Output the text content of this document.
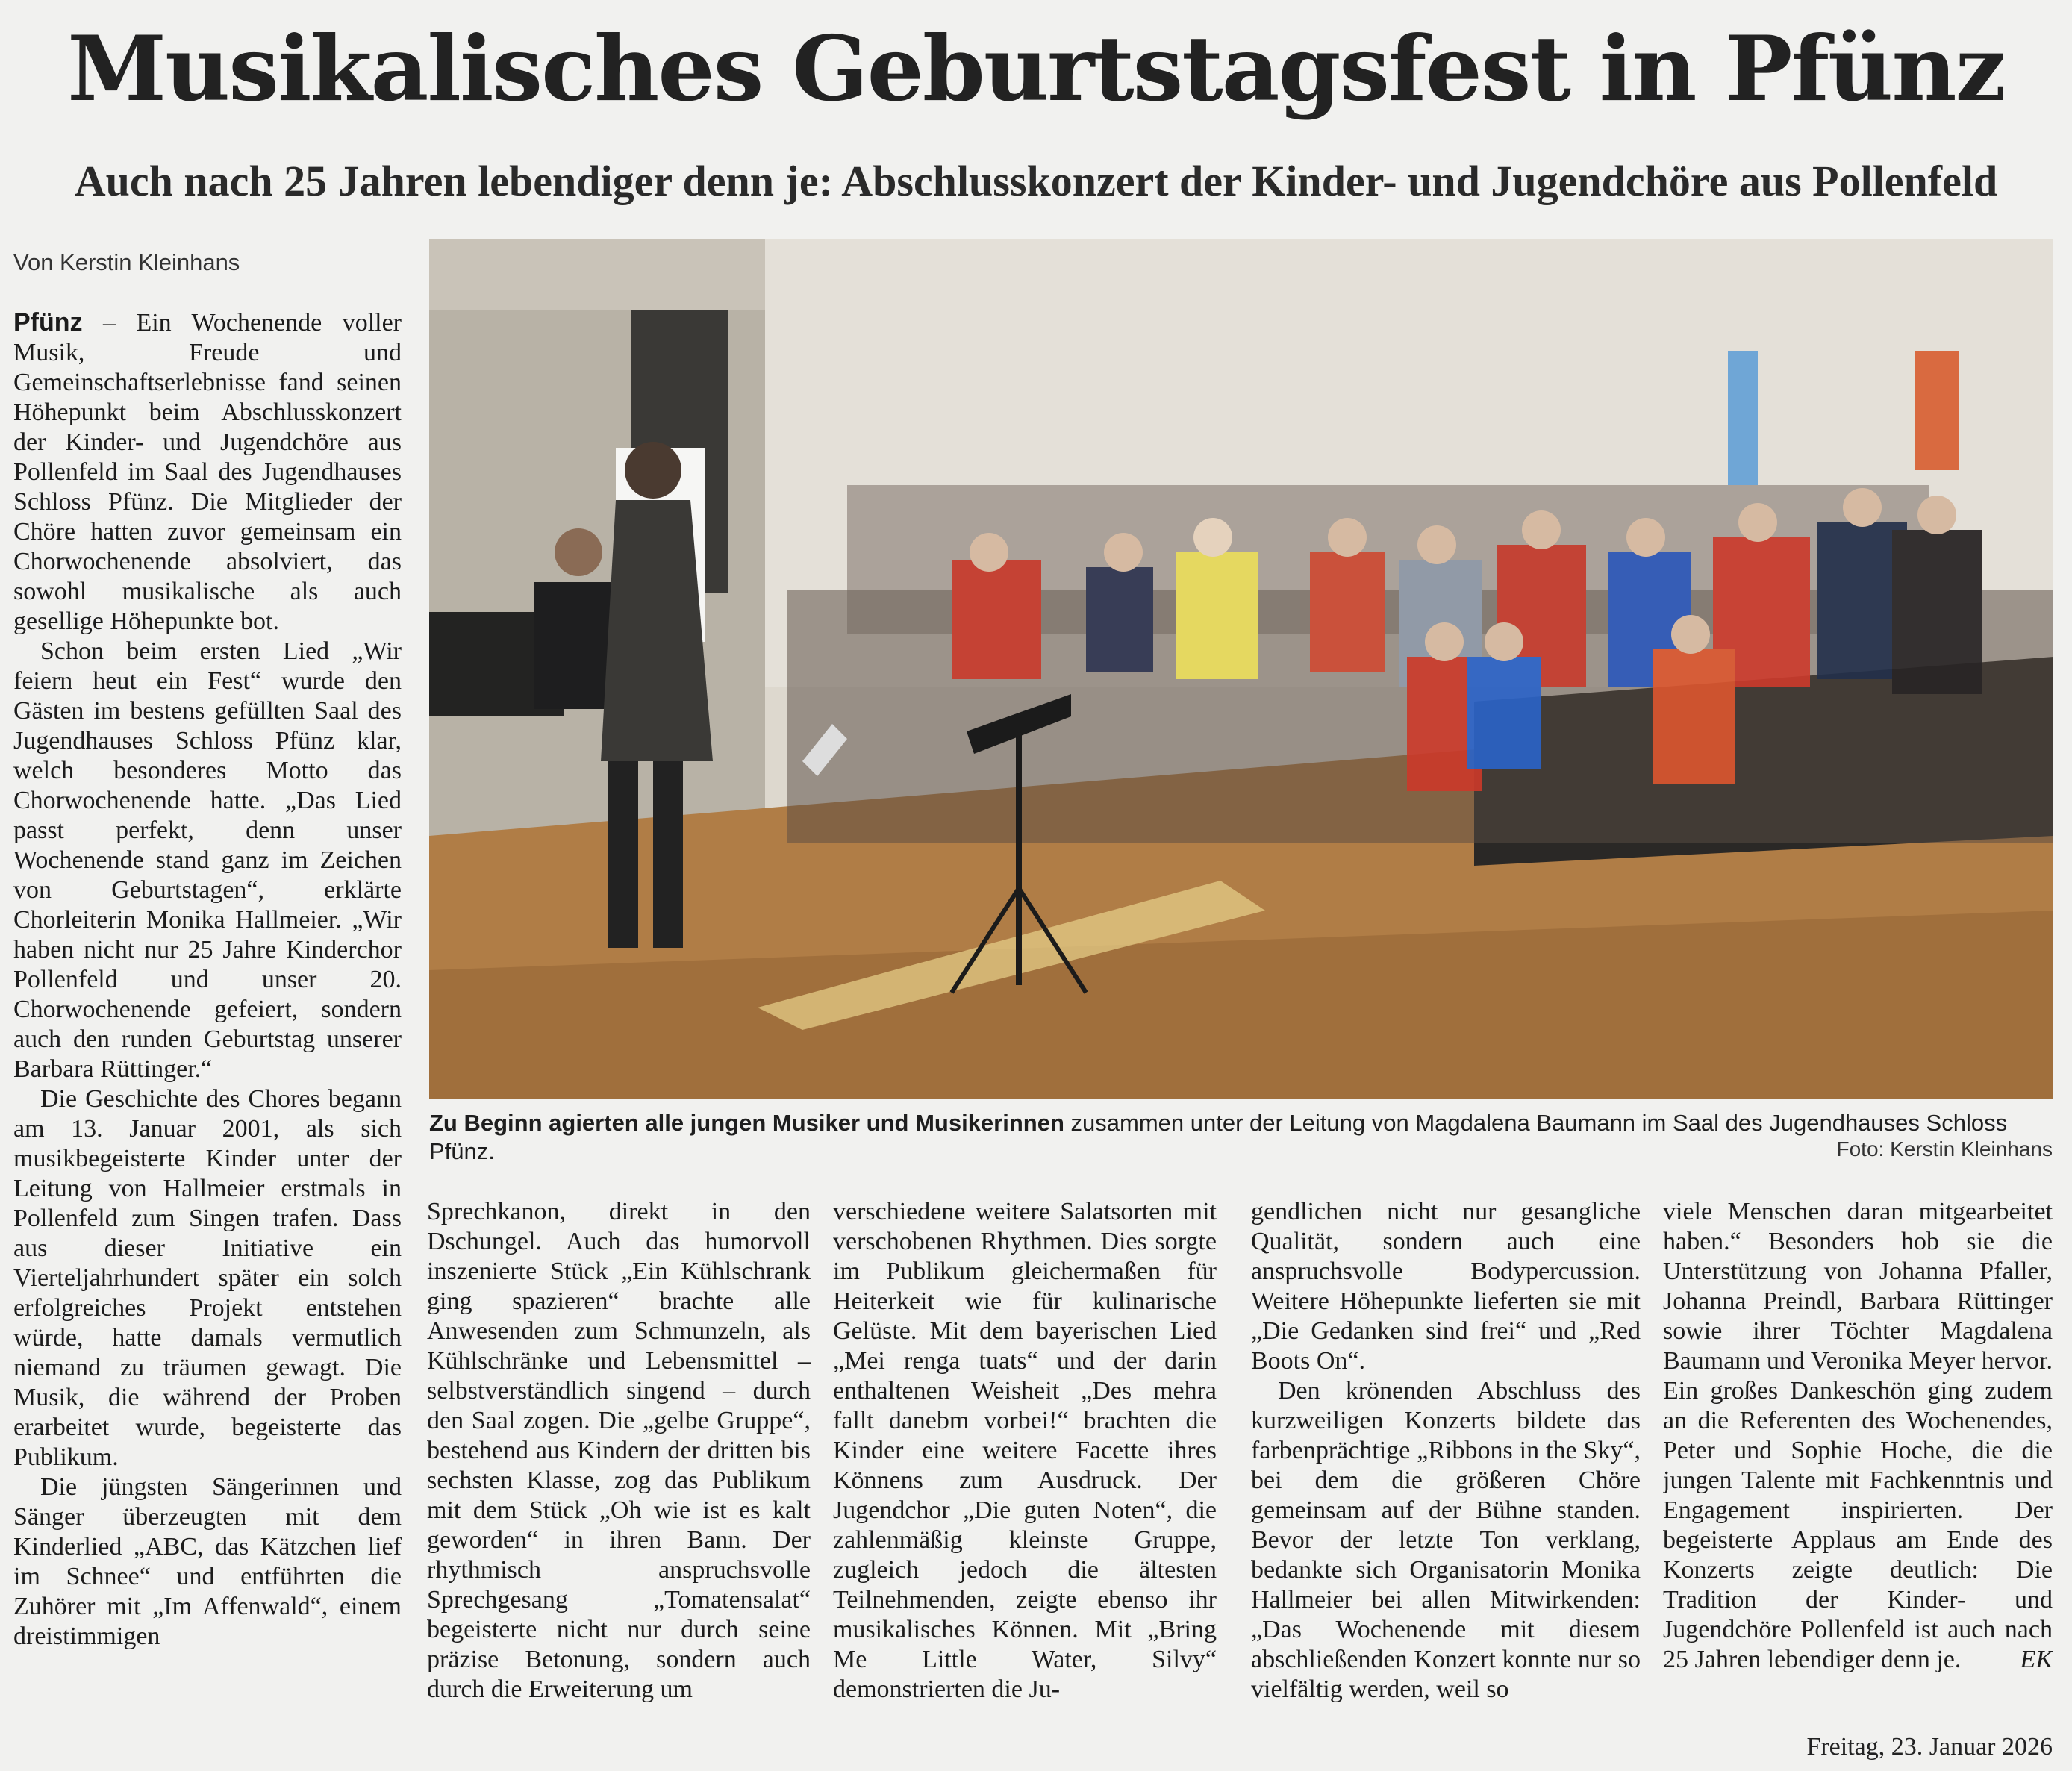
Musikalisches Geburtstagsfest in Pfünz
Auch nach 25 Jahren lebendiger denn je: Abschlusskonzert der Kinder- und Jugendchöre aus Pollenfeld
Von Kerstin Kleinhans

Pfünz – Ein Wochenende voller Musik, Freude und Gemeinschaftserlebnisse fand seinen Höhepunkt beim Abschlusskonzert der Kinder- und Jugendchöre aus Pollenfeld im Saal des Jugendhauses Schloss Pfünz. Die Mitglieder der Chöre hatten zuvor gemeinsam ein Chorwochenende absolviert, das sowohl musikalische als auch gesellige Höhepunkte bot.

Schon beim ersten Lied „Wir feiern heut ein Fest“ wurde den Gästen im bestens gefüllten Saal des Jugendhauses Schloss Pfünz klar, welch besonderes Motto das Chorwochenende hatte. „Das Lied passt perfekt, denn unser Wochenende stand ganz im Zeichen von Geburtstagen“, erklärte Chorleiterin Monika Hallmeier. „Wir haben nicht nur 25 Jahre Kinderchor Pollenfeld und unser 20. Chorwochenende gefeiert, sondern auch den runden Geburtstag unserer Barbara Rüttinger.“

Die Geschichte des Chores begann am 13. Januar 2001, als sich musikbegeisterte Kinder unter der Leitung von Hallmeier erstmals in Pollenfeld zum Singen trafen. Dass aus dieser Initiative ein Vierteljahrhundert später ein solch erfolgreiches Projekt entstehen würde, hatte damals vermutlich niemand zu träumen gewagt. Die Musik, die während der Proben erarbeitet wurde, begeisterte das Publikum.

Die jüngsten Sängerinnen und Sänger überzeugten mit dem Kinderlied „ABC, das Kätzchen lief im Schnee“ und entführten die Zuhörer mit „Im Affenwald“, einem dreistimmigen

Zu Beginn agierten alle jungen Musiker und Musikerinnen zusammen unter der Leitung von Magdalena Baumann im Saal des Jugendhauses Schloss Pfünz.	Foto: Kerstin Kleinhans

Sprechkanon, direkt in den Dschungel. Auch das humorvoll inszenierte Stück „Ein Kühlschrank ging spazieren“ brachte alle Anwesenden zum Schmunzeln, als Kühlschränke und Lebensmittel – selbstverständlich singend – durch den Saal zogen. Die „gelbe Gruppe“, bestehend aus Kindern der dritten bis sechsten Klasse, zog das Publikum mit dem Stück „Oh wie ist es kalt geworden“ in ihren Bann. Der rhythmisch anspruchsvolle Sprechgesang „Tomatensalat“ begeisterte nicht nur durch seine präzise Betonung, sondern auch durch die Erweiterung um

verschiedene weitere Salatsorten mit verschobenen Rhythmen. Dies sorgte im Publikum gleichermaßen für Heiterkeit wie für kulinarische Gelüste. Mit dem bayerischen Lied „Mei renga tuats“ und der darin enthaltenen Weisheit „Des mehra fallt danebm vorbei!“ brachten die Kinder eine weitere Facette ihres Könnens zum Ausdruck. Der Jugendchor „Die guten Noten“, die zahlenmäßig kleinste Gruppe, zugleich jedoch die ältesten Teilnehmenden, zeigte ebenso ihr musikalisches Können. Mit „Bring Me Little Water, Silvy“ demonstrierten die Ju-

gendlichen nicht nur gesangliche Qualität, sondern auch eine anspruchsvolle Bodypercussion. Weitere Höhepunkte lieferten sie mit „Die Gedanken sind frei“ und „Red Boots On“.

Den krönenden Abschluss des kurzweiligen Konzerts bildete das farbenprächtige „Ribbons in the Sky“, bei dem die größeren Chöre gemeinsam auf der Bühne standen. Bevor der letzte Ton verklang, bedankte sich Organisatorin Monika Hallmeier bei allen Mitwirkenden: „Das Wochenende mit diesem abschließenden Konzert konnte nur so vielfältig werden, weil so

viele Menschen daran mitgearbeitet haben.“ Besonders hob sie die Unterstützung von Johanna Pfaller, Johanna Preindl, Barbara Rüttinger sowie ihrer Töchter Magdalena Baumann und Veronika Meyer hervor. Ein großes Dankeschön ging zudem an die Referenten des Wochenendes, Peter und Sophie Hoche, die die jungen Talente mit Fachkenntnis und Engagement inspirierten. Der begeisterte Applaus am Ende des Konzerts zeigte deutlich: Die Tradition der Kinder- und Jugendchöre Pollenfeld ist auch nach 25 Jahren lebendiger denn je. EK

Freitag, 23. Januar 2026
